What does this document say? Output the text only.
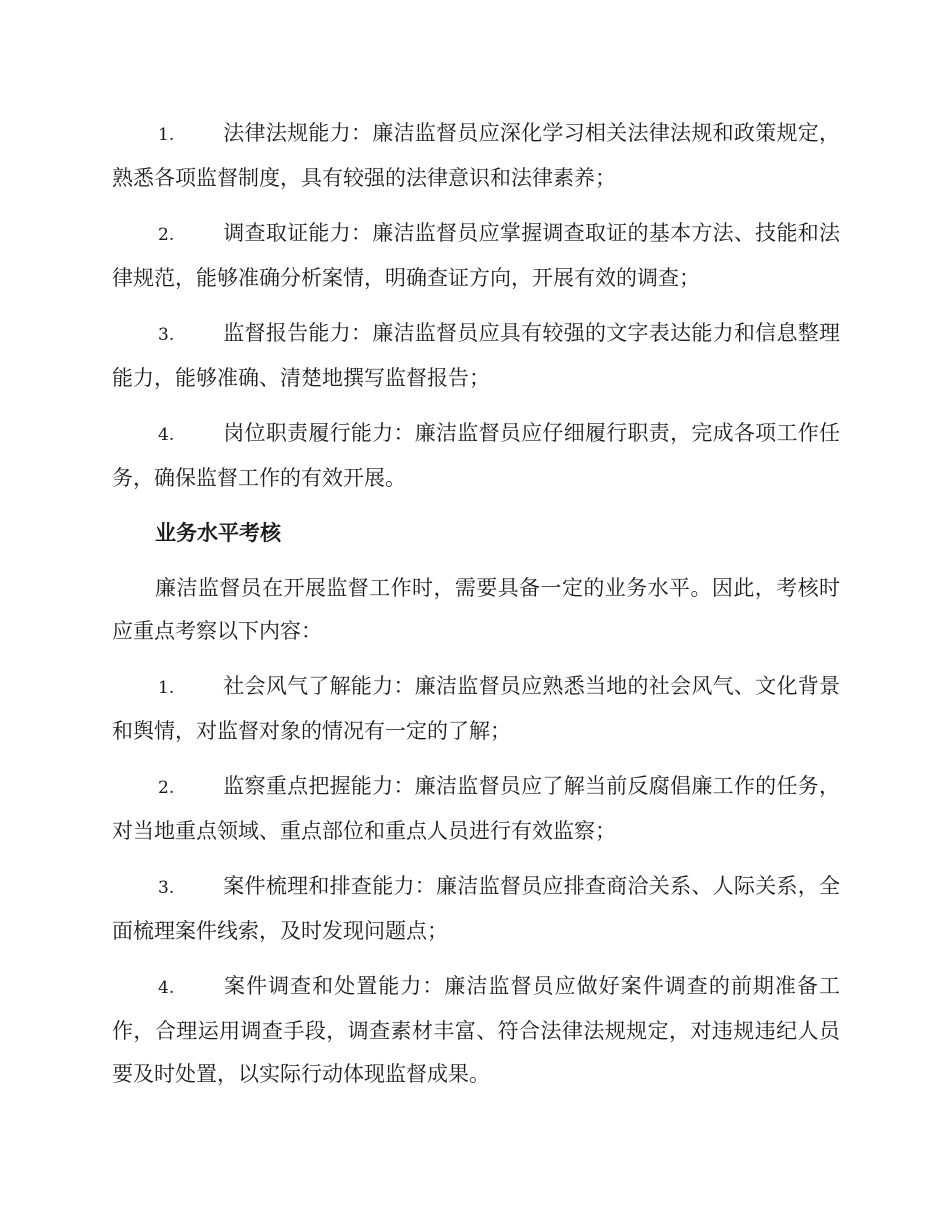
1. 法律法规能力：廉洁监督员应深化学习相关法律法规和政策规定，熟悉各项监督制度，具有较强的法律意识和法律素养；

2. 调查取证能力：廉洁监督员应掌握调查取证的基本方法、技能和法律规范，能够准确分析案情，明确查证方向，开展有效的调查；

3. 监督报告能力：廉洁监督员应具有较强的文字表达能力和信息整理能力，能够准确、清楚地撰写监督报告；

4. 岗位职责履行能力：廉洁监督员应仔细履行职责，完成各项工作任务，确保监督工作的有效开展。

业务水平考核

廉洁监督员在开展监督工作时，需要具备一定的业务水平。因此，考核时应重点考察以下内容：

1. 社会风气了解能力：廉洁监督员应熟悉当地的社会风气、文化背景和舆情，对监督对象的情况有一定的了解；

2. 监察重点把握能力：廉洁监督员应了解当前反腐倡廉工作的任务，对当地重点领域、重点部位和重点人员进行有效监察；

3. 案件梳理和排查能力：廉洁监督员应排查商洽关系、人际关系，全面梳理案件线索，及时发现问题点；

4. 案件调查和处置能力：廉洁监督员应做好案件调查的前期准备工作，合理运用调查手段，调查素材丰富、符合法律法规规定，对违规违纪人员要及时处置，以实际行动体现监督成果。
